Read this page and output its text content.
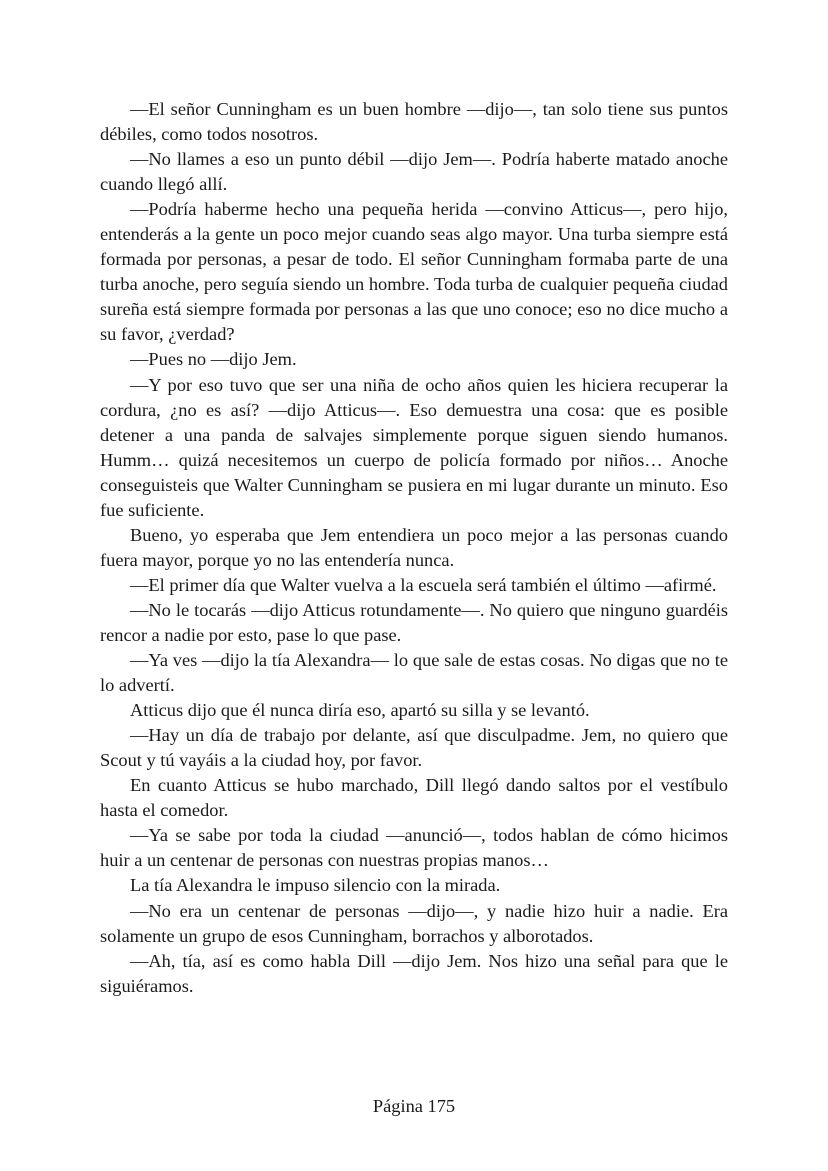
—El señor Cunningham es un buen hombre —dijo—, tan solo tiene sus puntos débiles, como todos nosotros.

—No llames a eso un punto débil —dijo Jem—. Podría haberte matado anoche cuando llegó allí.

—Podría haberme hecho una pequeña herida —convino Atticus—, pero hijo, entenderás a la gente un poco mejor cuando seas algo mayor. Una turba siempre está formada por personas, a pesar de todo. El señor Cunningham formaba parte de una turba anoche, pero seguía siendo un hombre. Toda turba de cualquier pequeña ciudad sureña está siempre formada por personas a las que uno conoce; eso no dice mucho a su favor, ¿verdad?

—Pues no —dijo Jem.

—Y por eso tuvo que ser una niña de ocho años quien les hiciera recuperar la cordura, ¿no es así? —dijo Atticus—. Eso demuestra una cosa: que es posible detener a una panda de salvajes simplemente porque siguen siendo humanos. Humm… quizá necesitemos un cuerpo de policía formado por niños… Anoche conseguisteis que Walter Cunningham se pusiera en mi lugar durante un minuto. Eso fue suficiente.

Bueno, yo esperaba que Jem entendiera un poco mejor a las personas cuando fuera mayor, porque yo no las entendería nunca.

—El primer día que Walter vuelva a la escuela será también el último —afirmé.

—No le tocarás —dijo Atticus rotundamente—. No quiero que ninguno guardéis rencor a nadie por esto, pase lo que pase.

—Ya ves —dijo la tía Alexandra— lo que sale de estas cosas. No digas que no te lo advertí.

Atticus dijo que él nunca diría eso, apartó su silla y se levantó.

—Hay un día de trabajo por delante, así que disculpadme. Jem, no quiero que Scout y tú vayáis a la ciudad hoy, por favor.

En cuanto Atticus se hubo marchado, Dill llegó dando saltos por el vestíbulo hasta el comedor.

—Ya se sabe por toda la ciudad —anunció—, todos hablan de cómo hicimos huir a un centenar de personas con nuestras propias manos…

La tía Alexandra le impuso silencio con la mirada.

—No era un centenar de personas —dijo—, y nadie hizo huir a nadie. Era solamente un grupo de esos Cunningham, borrachos y alborotados.

—Ah, tía, así es como habla Dill —dijo Jem. Nos hizo una señal para que le siguiéramos.

Página 175
